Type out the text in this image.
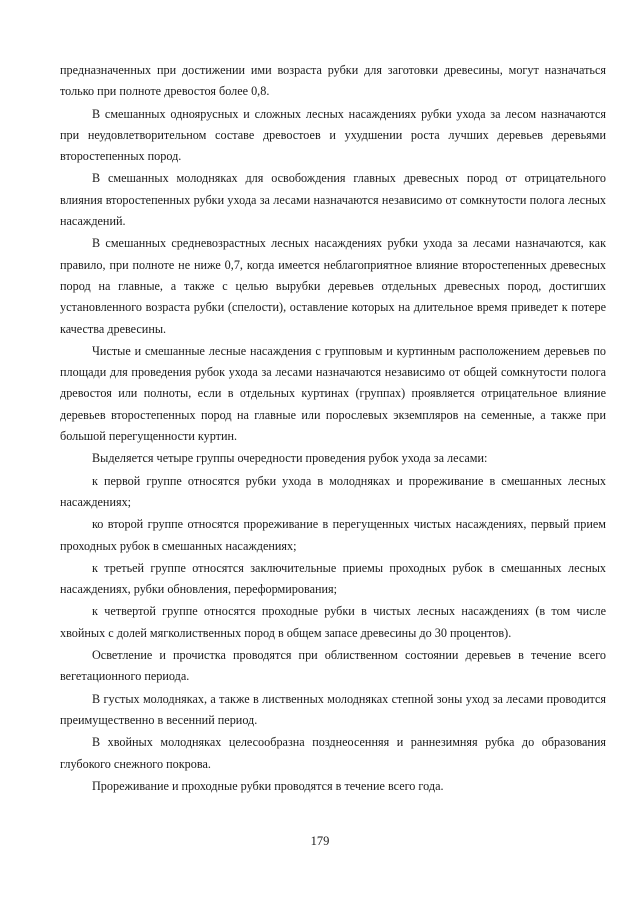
предназначенных при достижении ими возраста рубки для заготовки древесины, могут назначаться только при полноте древостоя более 0,8.

В смешанных одноярусных и сложных лесных насаждениях рубки ухода за лесом назначаются при неудовлетворительном составе древостоев и ухудшении роста лучших деревьев деревьями второстепенных пород.

В смешанных молодняках для освобождения главных древесных пород от отрицательного влияния второстепенных рубки ухода за лесами назначаются независимо от сомкнутости полога лесных насаждений.

В смешанных средневозрастных лесных насаждениях рубки ухода за лесами назначаются, как правило, при полноте не ниже 0,7, когда имеется неблагоприятное влияние второстепенных древесных пород на главные, а также с целью вырубки деревьев отдельных древесных пород, достигших установленного возраста рубки (спелости), оставление которых на длительное время приведет к потере качества древесины.

Чистые и смешанные лесные насаждения с групповым и куртинным расположением деревьев по площади для проведения рубок ухода за лесами назначаются независимо от общей сомкнутости полога древостоя или полноты, если в отдельных куртинах (группах) проявляется отрицательное влияние деревьев второстепенных пород на главные или порослевых экземпляров на семенные, а также при большой перегущенности куртин.

Выделяется четыре группы очередности проведения рубок ухода за лесами:

к первой группе относятся рубки ухода в молодняках и прореживание в смешанных лесных насаждениях;

ко второй группе относятся прореживание в перегущенных чистых насаждениях, первый прием проходных рубок в смешанных насаждениях;

к третьей группе относятся заключительные приемы проходных рубок в смешанных лесных насаждениях, рубки обновления, переформирования;

к четвертой группе относятся проходные рубки в чистых лесных насаждениях (в том числе хвойных с долей мягколиственных пород в общем запасе древесины до 30 процентов).

Осветление и прочистка проводятся при облиственном состоянии деревьев в течение всего вегетационного периода.

В густых молодняках, а также в лиственных молодняках степной зоны уход за лесами проводится преимущественно в весенний период.

В хвойных молодняках целесообразна позднеосенняя и раннезимняя рубка до образования глубокого снежного покрова.

Прореживание и проходные рубки проводятся в течение всего года.

179
